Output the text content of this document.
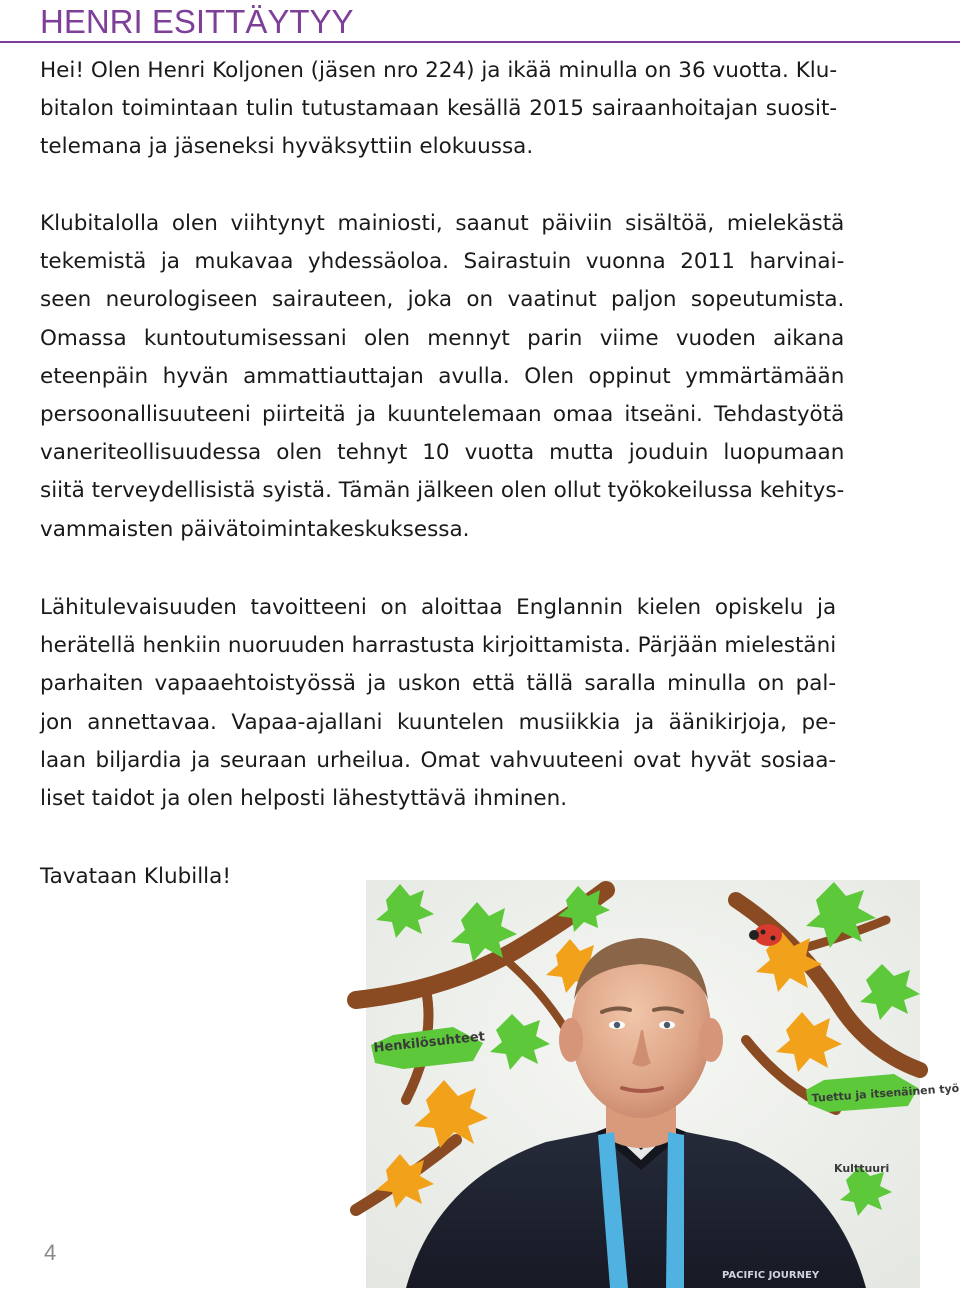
HENRI ESITTÄYTYY

Hei! Olen Henri Koljonen (jäsen nro 224) ja ikää minulla on 36 vuotta. Klu-
bitalon toimintaan tulin tutustamaan kesällä 2015 sairaanhoitajan suosit-
telemana ja jäseneksi hyväksyttiin elokuussa.

Klubitalolla olen viihtynyt mainiosti, saanut päiviin sisältöä, mielekästä
tekemistä ja mukavaa yhdessäoloa. Sairastuin vuonna 2011 harvinai-
seen neurologiseen sairauteen, joka on vaatinut paljon sopeutumista.
Omassa kuntoutumisessani olen mennyt parin viime vuoden aikana
eteenpäin hyvän ammattiauttajan avulla. Olen oppinut ymmärtämään
persoonallisuuteeni piirteitä ja kuuntelemaan omaa itseäni. Tehdastyötä
vaneriteollisuudessa olen tehnyt 10 vuotta mutta jouduin luopumaan
siitä terveydellisistä syistä. Tämän jälkeen olen ollut työkokeilussa kehitys-
vammaisten päivätoimintakeskuksessa.

Lähitulevaisuuden tavoitteeni on aloittaa Englannin kielen opiskelu ja
herätellä henkiin nuoruuden harrastusta kirjoittamista. Pärjään mielestäni
parhaiten vapaaehtoistyössä ja uskon että tällä saralla minulla on pal-
jon annettavaa. Vapaa-ajallani kuuntelen musiikkia ja äänikirjoja, pe-
laan biljardia ja seuraan urheilua. Omat vahvuuteeni ovat hyvät sosiaa-
liset taidot ja olen helposti lähestyttävä ihminen.

Tavataan Klubilla!

Henkilösuhteet
Tuettu ja itsenäinen työ
Kulttuuri
PACIFIC JOURNEY
4
